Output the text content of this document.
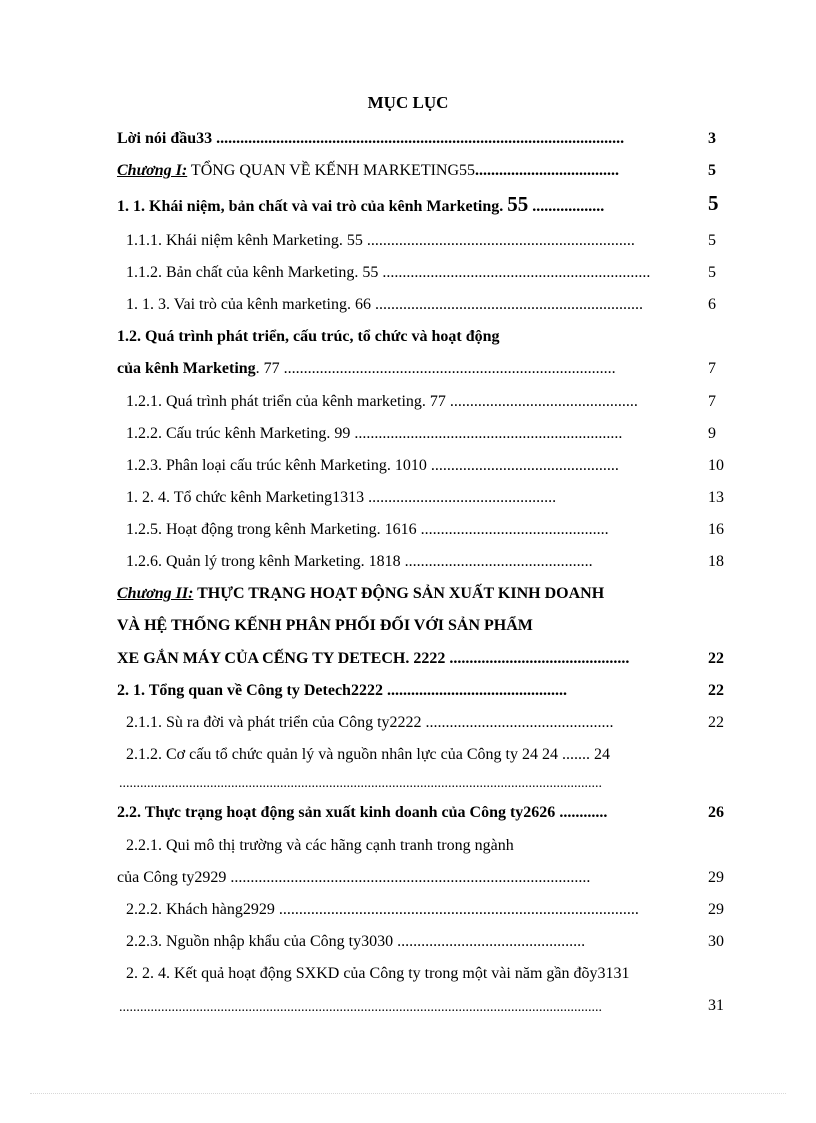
MỤC LỤC
Lời nói đầu33 ......................................................................................................	3
Chương I: TỔNG QUAN VỀ KẾNH MARKETING55....................................	5
1. 1. Khái niệm, bản chất và vai trò của kênh Marketing. 55 ..................	5
1.1.1. Khái niệm kênh Marketing. 55 ...................................................................	5
1.1.2. Bản chất của kênh Marketing. 55 ...................................................................	5
1. 1. 3. Vai trò của kênh marketing. 66 ...................................................................	6
1.2. Quá trình phát triển, cấu trúc, tổ chức và hoạt động
của kênh Marketing. 77 ...................................................................................	7
1.2.1. Quá trình phát triển của kênh marketing. 77 ...............................................	7
1.2.2. Cấu trúc kênh Marketing. 99 ...................................................................	9
1.2.3. Phân loại cấu trúc kênh Marketing. 1010 ...............................................	10
1. 2. 4. Tổ chức kênh Marketing1313 ...............................................	13
1.2.5. Hoạt động trong kênh Marketing. 1616 ...............................................	16
1.2.6. Quản lý trong kênh Marketing. 1818 ...............................................	18
Chương II: THỰC TRẠNG HOẠT ĐỘNG SẢN XUẤT KINH DOANH
VÀ HỆ THỐNG KẾNH PHÂN PHỐI ĐỐI VỚI SẢN PHẨM
XE GẮN MÁY CỦA CẾNG TY DETECH. 2222 .............................................	22
2. 1. Tổng quan về Công ty Detech2222 .............................................	22
2.1.1. Sù ra đời và phát triển của Công ty2222 ...............................................	22
2.1.2. Cơ cấu tổ chức quản lý và nguồn nhân lực của Công ty 24 24 ....... 24
..........................................................................................................................................
2.2. Thực trạng hoạt động sản xuất kinh doanh của Công ty2626 ............	26
2.2.1. Qui mô thị trường và các hãng cạnh tranh trong ngành
của Công ty2929 ..........................................................................................	29
2.2.2. Khách hàng2929 ..........................................................................................	29
2.2.3. Nguồn nhập khẩu của Công ty3030 ...............................................	30
2. 2. 4. Kết quả hoạt động SXKD của Công ty trong một vài năm gần đõy3131
..........................................................................................................................................	31
